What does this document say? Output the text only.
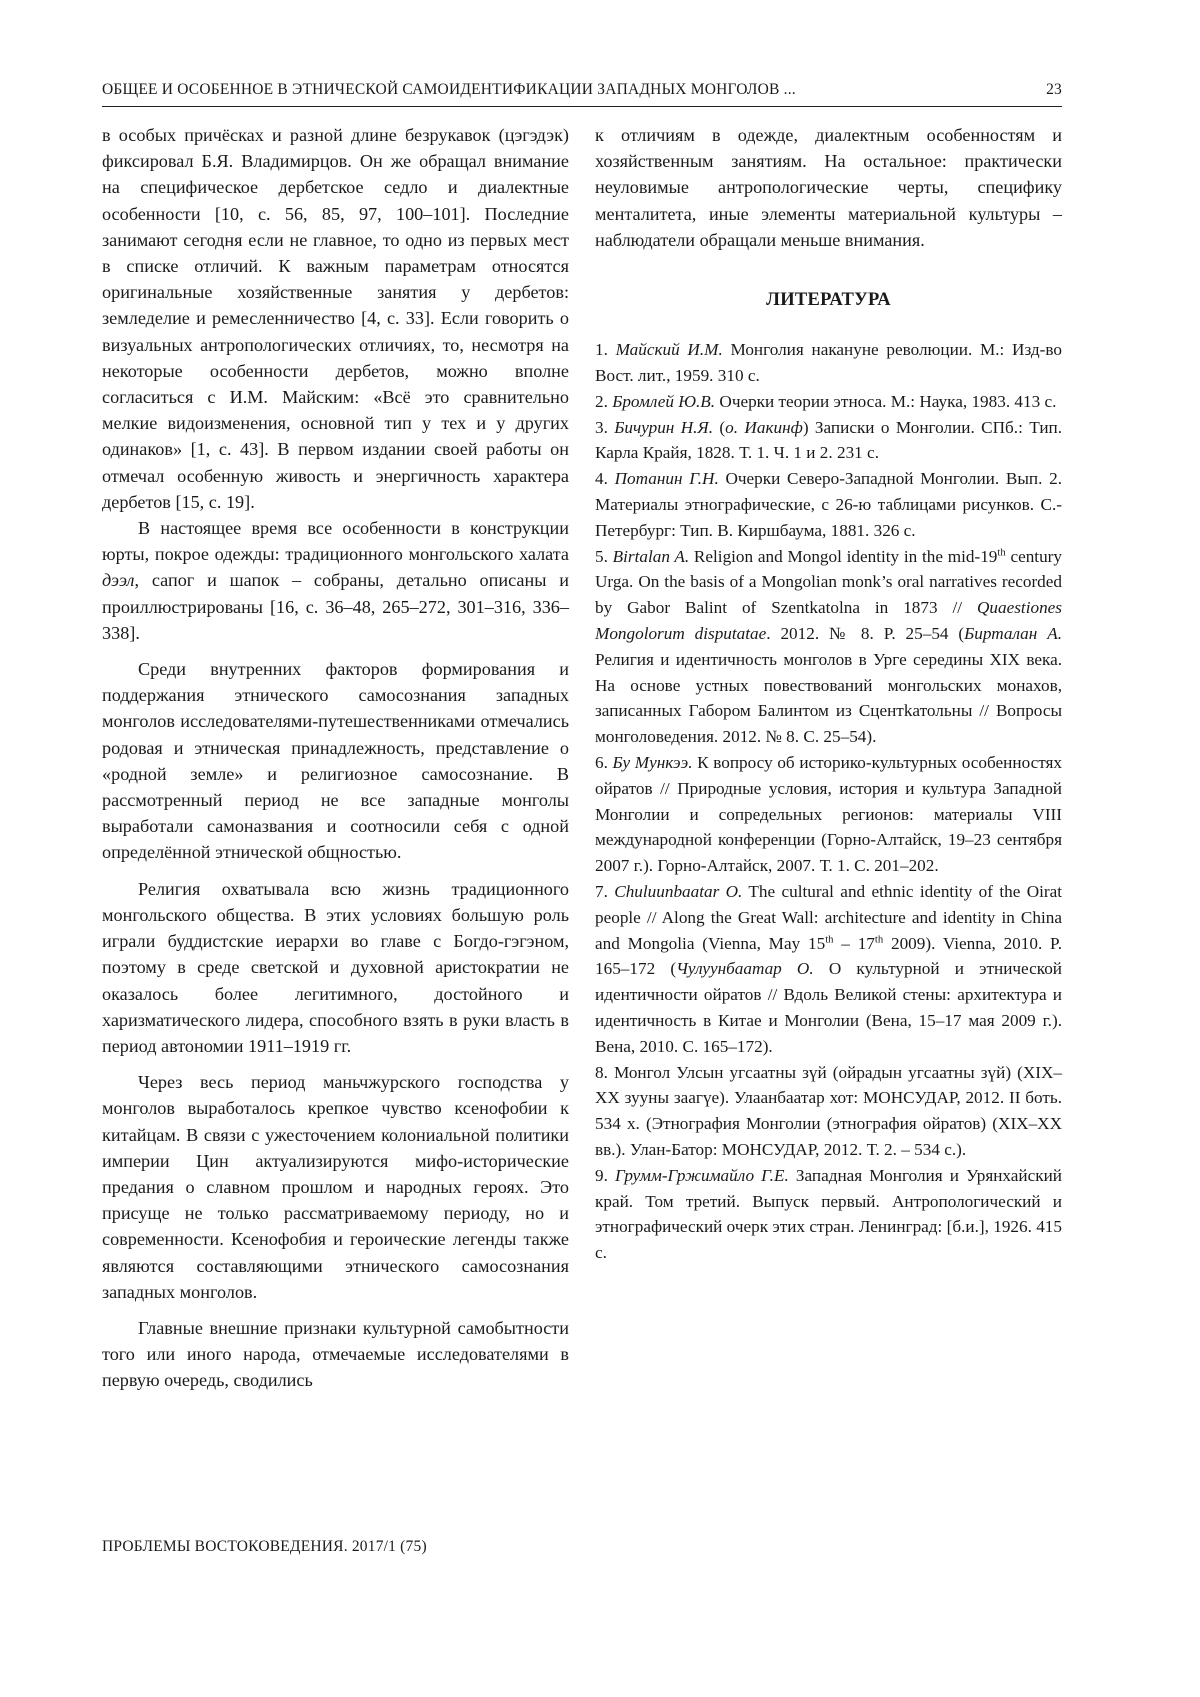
ОБЩЕЕ И ОСОБЕННОЕ В ЭТНИЧЕСКОЙ САМОИДЕНТИФИКАЦИИ ЗАПАДНЫХ МОНГОЛОВ ...	23

в особых причёсках и разной длине безрукавок (цэгэдэк) фиксировал Б.Я. Владимирцов. Он же обращал внимание на специфическое дербетское седло и диалектные особенности [10, с. 56, 85, 97, 100–101]. Последние занимают сегодня если не главное, то одно из первых мест в списке отличий. К важным параметрам относятся оригинальные хозяйственные занятия у дербетов: земледелие и ремесленничество [4, с. 33]. Если говорить о визуальных антропологических отличиях, то, несмотря на некоторые особенности дербетов, можно вполне согласиться с И.М. Майским: «Всё это сравнительно мелкие видоизменения, основной тип у тех и у других одинаков» [1, с. 43]. В первом издании своей работы он отмечал особенную живость и энергичность характера дербетов [15, с. 19].

В настоящее время все особенности в конструкции юрты, покрое одежды: традиционного монгольского халата дээл, сапог и шапок – собраны, детально описаны и проиллюстрированы [16, с. 36–48, 265–272, 301–316, 336–338].

Среди внутренних факторов формирования и поддержания этнического самосознания западных монголов исследователями-путешественниками отмечались родовая и этническая принадлежность, представление о «родной земле» и религиозное самосознание. В рассмотренный период не все западные монголы выработали самоназвания и соотносили себя с одной определённой этнической общностью.

Религия охватывала всю жизнь традиционного монгольского общества. В этих условиях большую роль играли буддистские иерархи во главе с Богдо-гэгэном, поэтому в среде светской и духовной аристократии не оказалось более легитимного, достойного и харизматического лидера, способного взять в руки власть в период автономии 1911–1919 гг.

Через весь период маньчжурского господства у монголов выработалось крепкое чувство ксенофобии к китайцам. В связи с ужесточением колониальной политики империи Цин актуализируются мифо-исторические предания о славном прошлом и народных героях. Это присуще не только рассматриваемому периоду, но и современности. Ксенофобия и героические легенды также являются составляющими этнического самосознания западных монголов.

Главные внешние признаки культурной самобытности того или иного народа, отмечаемые исследователями в первую очередь, сводились

к отличиям в одежде, диалектным особенностям и хозяйственным занятиям. На остальное: практически неуловимые антропологические черты, специфику менталитета, иные элементы материальной культуры – наблюдатели обращали меньше внимания.

ЛИТЕРАТУРА

1. Майский И.М. Монголия накануне революции. М.: Изд-во Вост. лит., 1959. 310 с.

2. Бромлей Ю.В. Очерки теории этноса. М.: Наука, 1983. 413 с.

3. Бичурин Н.Я. (о. Иакинф) Записки о Монголии. СПб.: Тип. Карла Крайя, 1828. Т. 1. Ч. 1 и 2. 231 с.

4. Потанин Г.Н. Очерки Северо-Западной Монголии. Вып. 2. Материалы этнографические, с 26-ю таблицами рисунков. С.-Петербург: Тип. В. Киршбаума, 1881. 326 с.

5. Birtalan A. Religion and Mongol identity in the mid-19th century Urga. On the basis of a Mongolian monk’s oral narratives recorded by Gabor Balint of Szentkatolna in 1873 // Quaestiones Mongolorum disputatae. 2012. № 8. P. 25–54 (Бирталан А. Религия и идентичность монголов в Урге середины XIX века. На основе устных повествований монгольских монахов, записанных Габором Балинтом из Сцентkатольны // Вопросы монголоведения. 2012. № 8. С. 25–54).

6. Бу Мункээ. К вопросу об историко-культурных особенностях ойратов // Природные условия, история и культура Западной Монголии и сопредельных регионов: материалы VIII международной конференции (Горно-Алтайск, 19–23 сентября 2007 г.). Горно-Алтайск, 2007. Т. 1. С. 201–202.

7. Chuluunbaatar O. The cultural and ethnic identity of the Oirat people // Along the Great Wall: architecture and identity in China and Mongolia (Vienna, May 15th – 17th 2009). Vienna, 2010. P. 165–172 (Чулуунбаатар О. О культурной и этнической идентичности ойратов // Вдоль Великой стены: архитектура и идентичность в Китае и Монголии (Вена, 15–17 мая 2009 г.). Вена, 2010. С. 165–172).

8. Монгол Улсын угсаатны зүй (ойрадын угсаатны зүй) (XIX–XX зууны заагүе). Улаанбаатар хот: МОНСУДАР, 2012. II боть. 534 х. (Этнография Монголии (этнография ойратов) (XIX–XX вв.). Улан-Батор: МОНСУДАР, 2012. Т. 2. – 534 с.).

9. Грумм-Гржимайло Г.Е. Западная Монголия и Урянхайский край. Том третий. Выпуск первый. Антропологический и этнографический очерк этих стран. Ленинград: [б.и.], 1926. 415 с.

ПРОБЛЕМЫ ВОСТОКОВЕДЕНИЯ. 2017/1 (75)
